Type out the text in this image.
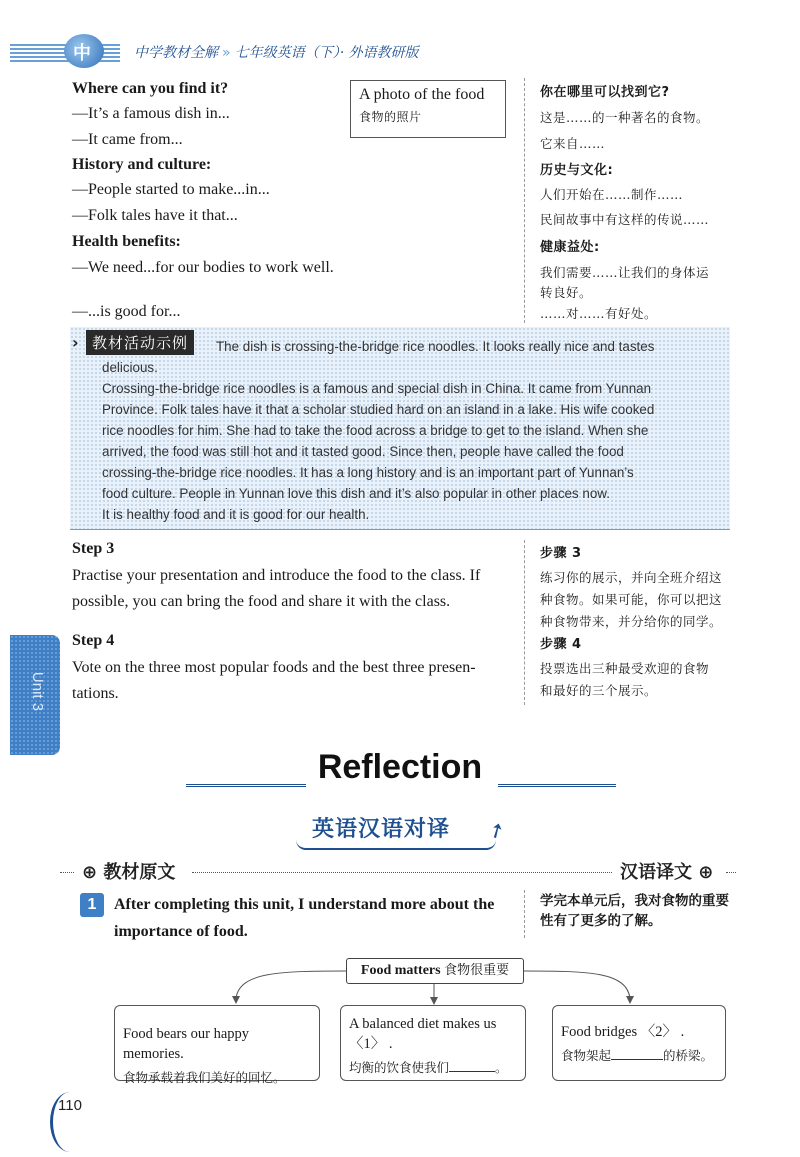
中	中学教材全解 » 七年级英语（下）· 外语教研版
Where can you find it?
—It’s a famous dish in...
—It came from...
History and culture:
—People started to make...in...
—Folk tales have it that...
Health benefits:
—We need...for our bodies to work well.
—...is good for...
A photo of the food
食物的照片
你在哪里可以找到它?
这是……的一种著名的食物。
它来自……
历史与文化:
人们开始在……制作……
民间故事中有这样的传说……
健康益处:
我们需要……让我们的身体运
转良好。
……对……有好处。
› 教材活动示例	The dish is crossing-the-bridge rice noodles. It looks really nice and tastes

delicious.

Crossing-the-bridge rice noodles is a famous and special dish in China. It came from Yunnan

Province. Folk tales have it that a scholar studied hard on an island in a lake. His wife cooked

rice noodles for him. She had to take the food across a bridge to get to the island. When she

arrived, the food was still hot and it tasted good. Since then, people have called the food

crossing-the-bridge rice noodles. It has a long history and is an important part of Yunnan’s

food culture. People in Yunnan love this dish and it’s also popular in other places now.

It is healthy food and it is good for our health.

Step 3
Practise your presentation and introduce the food to the class. If possible, you can bring the food and share it with the class.
Step 4
Vote on the three most popular foods and the best three presen-tations.
步骤 3
练习你的展示，并向全班介绍这
种食物。如果可能，你可以把这
种食物带来，并分给你的同学。
步骤 4
投票选出三种最受欢迎的食物
和最好的三个展示。
Unit 3
Reflection
英语汉语对译 ➚
⊕ 教材原文	汉语译文 ⊕
1	After completing this unit, I understand more about the importance of food.
学完本单元后，我对食物的重要性有了更多的了解。
Food matters 食物很重要
Food bears our happy memories.
食物承载着我们美好的回忆。
A balanced diet makes us
〈1〉 .
均衡的饮食使我们	。
Food bridges 〈2〉 .
食物架起	的桥梁。
110
